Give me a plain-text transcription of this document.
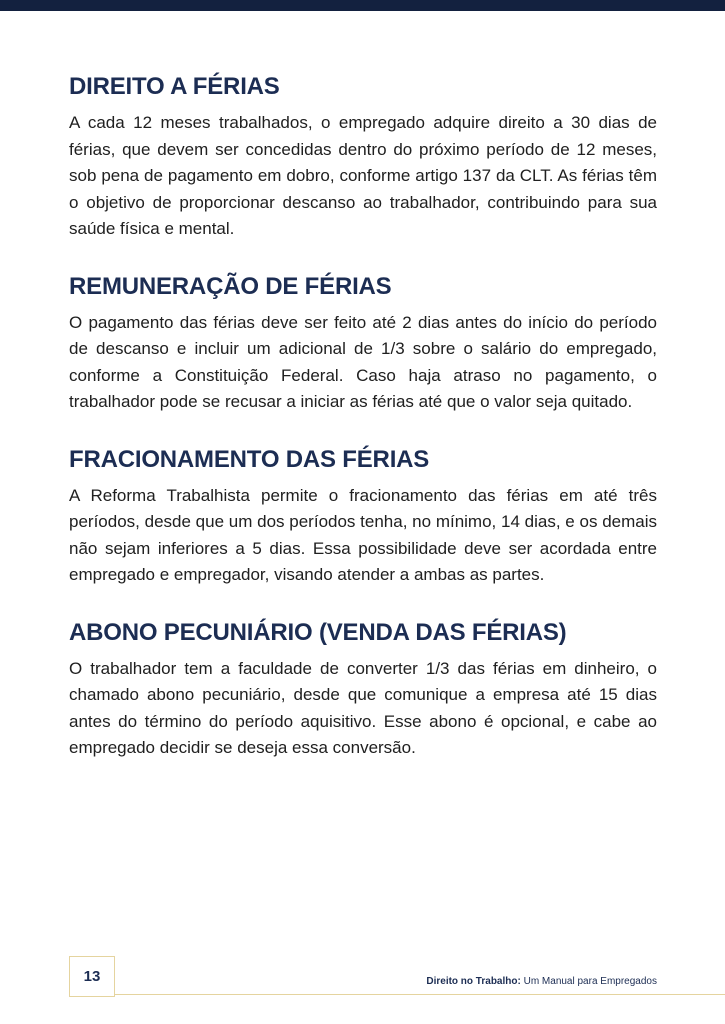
DIREITO A FÉRIAS

A cada 12 meses trabalhados, o empregado adquire direito a 30 dias de férias, que devem ser concedidas dentro do próximo período de 12 meses, sob pena de pagamento em dobro, conforme artigo 137 da CLT. As férias têm o objetivo de proporcionar descanso ao trabalhador, contribuindo para sua saúde física e mental.

REMUNERAÇÃO DE FÉRIAS

O pagamento das férias deve ser feito até 2 dias antes do início do período de descanso e incluir um adicional de 1/3 sobre o salário do empregado, conforme a Constituição Federal. Caso haja atraso no pagamento, o trabalhador pode se recusar a iniciar as férias até que o valor seja quitado.

FRACIONAMENTO DAS FÉRIAS

A Reforma Trabalhista permite o fracionamento das férias em até três períodos, desde que um dos períodos tenha, no mínimo, 14 dias, e os demais não sejam inferiores a 5 dias. Essa possibilidade deve ser acordada entre empregado e empregador, visando atender a ambas as partes.

ABONO PECUNIÁRIO (VENDA DAS FÉRIAS)

O trabalhador tem a faculdade de converter 1/3 das férias em dinheiro, o chamado abono pecuniário, desde que comunique a empresa até 15 dias antes do término do período aquisitivo. Esse abono é opcional, e cabe ao empregado decidir se deseja essa conversão.

13	Direito no Trabalho: Um Manual para Empregados
